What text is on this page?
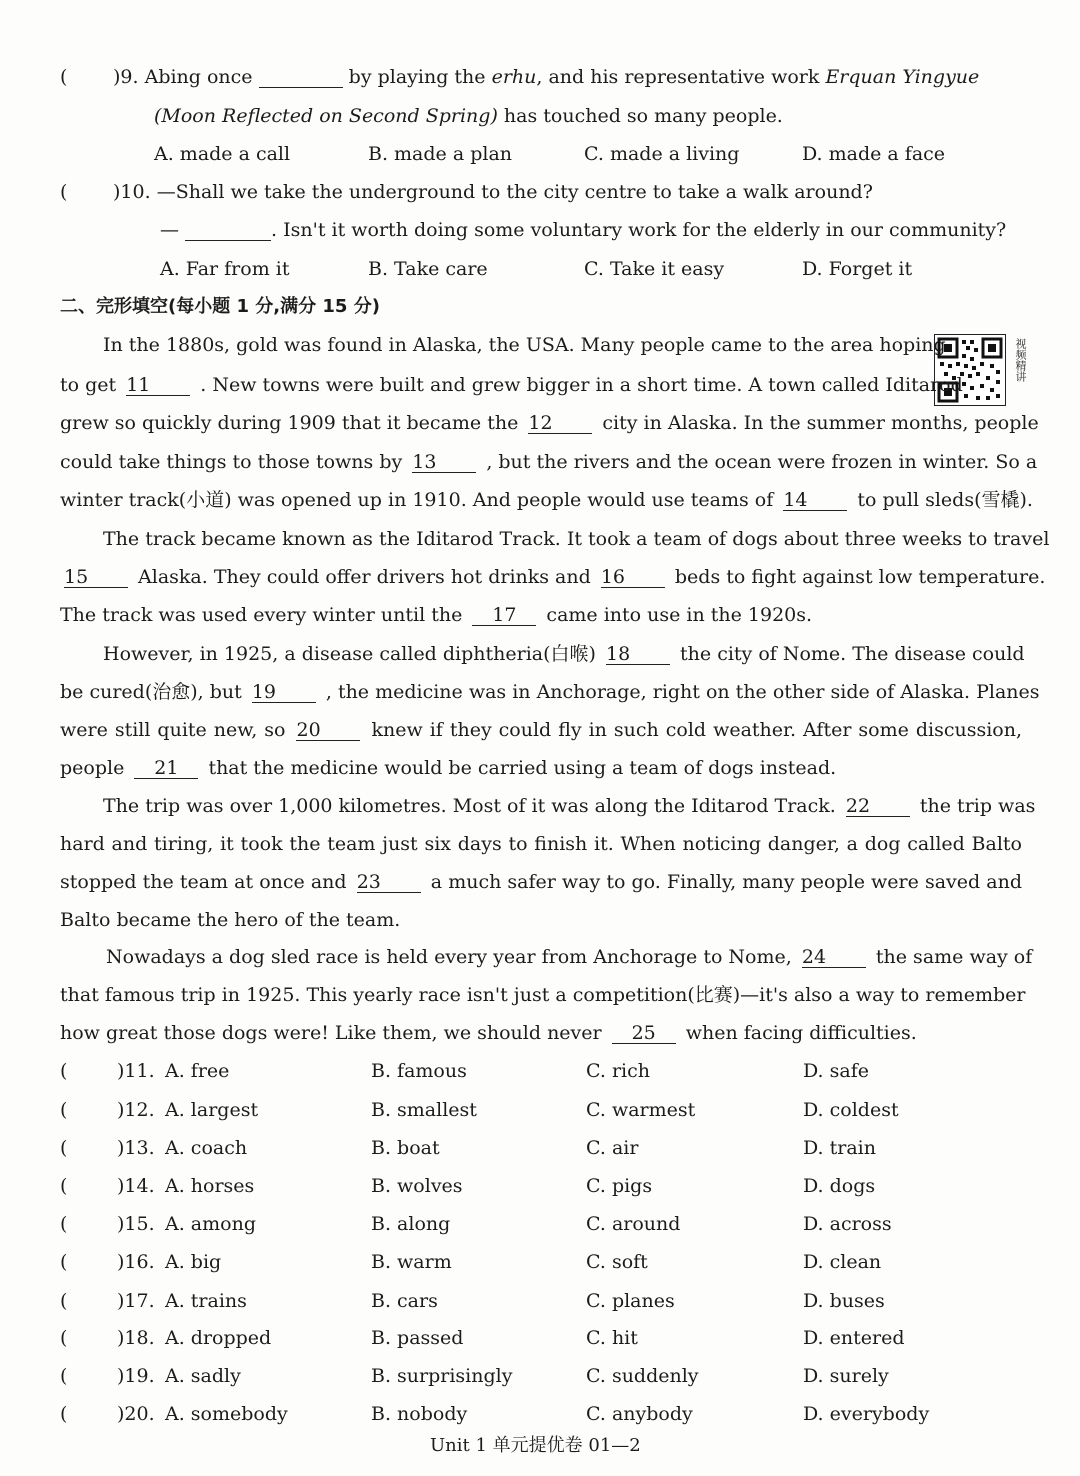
( )9. Abing once	by playing the erhu, and his representative work Erquan Yingyue
(Moon Reflected on Second Spring) has touched so many people.
A. made a call	B. made a plan	C. made a living	D. made a face
( )10. —Shall we take the underground to the city centre to take a walk around?
—	. Isn't it worth doing some voluntary work for the elderly in our community?
A. Far from it	B. Take care	C. Take it easy	D. Forget it
二、完形填空(每小题 1 分,满分 15 分)
视频精讲
In the 1880s, gold was found in Alaska, the USA. Many people came to the area hoping
to get 11	. New towns were built and grew bigger in a short time. A town called Iditarod
grew so quickly during 1909 that it became the 12	city in Alaska. In the summer months, people
could take things to those towns by 13	, but the rivers and the ocean were frozen in winter. So a
winter track(小道) was opened up in 1910. And people would use teams of 14	to pull sleds(雪橇).
The track became known as the Iditarod Track. It took a team of dogs about three weeks to travel
15	Alaska. They could offer drivers hot drinks and 16	beds to fight against low temperature.
The track was used every winter until the 17 came into use in the 1920s.
However, in 1925, a disease called diphtheria(白喉) 18	the city of Nome. The disease could
be cured(治愈), but 19	, the medicine was in Anchorage, right on the other side of Alaska. Planes
were still quite new, so 20	knew if they could fly in such cold weather. After some discussion,
people 21 that the medicine would be carried using a team of dogs instead.
The trip was over 1,000 kilometres. Most of it was along the Iditarod Track. 22	the trip was
hard and tiring, it took the team just six days to finish it. When noticing danger, a dog called Balto
stopped the team at once and 23	a much safer way to go. Finally, many people were saved and
Balto became the hero of the team.
Nowadays a dog sled race is held every year from Anchorage to Nome, 24	the same way of
that famous trip in 1925. This yearly race isn't just a competition(比赛)—it's also a way to remember
how great those dogs were! Like them, we should never 25 when facing difficulties.
(	)11. A. free	B. famous	C. rich	D. safe
(	)12. A. largest	B. smallest	C. warmest	D. coldest
(	)13. A. coach	B. boat	C. air	D. train
(	)14. A. horses	B. wolves	C. pigs	D. dogs
(	)15. A. among	B. along	C. around	D. across
(	)16. A. big	B. warm	C. soft	D. clean
(	)17. A. trains	B. cars	C. planes	D. buses
(	)18. A. dropped	B. passed	C. hit	D. entered
(	)19. A. sadly	B. surprisingly	C. suddenly	D. surely
(	)20. A. somebody	B. nobody	C. anybody	D. everybody
Unit 1 单元提优卷 01—2
